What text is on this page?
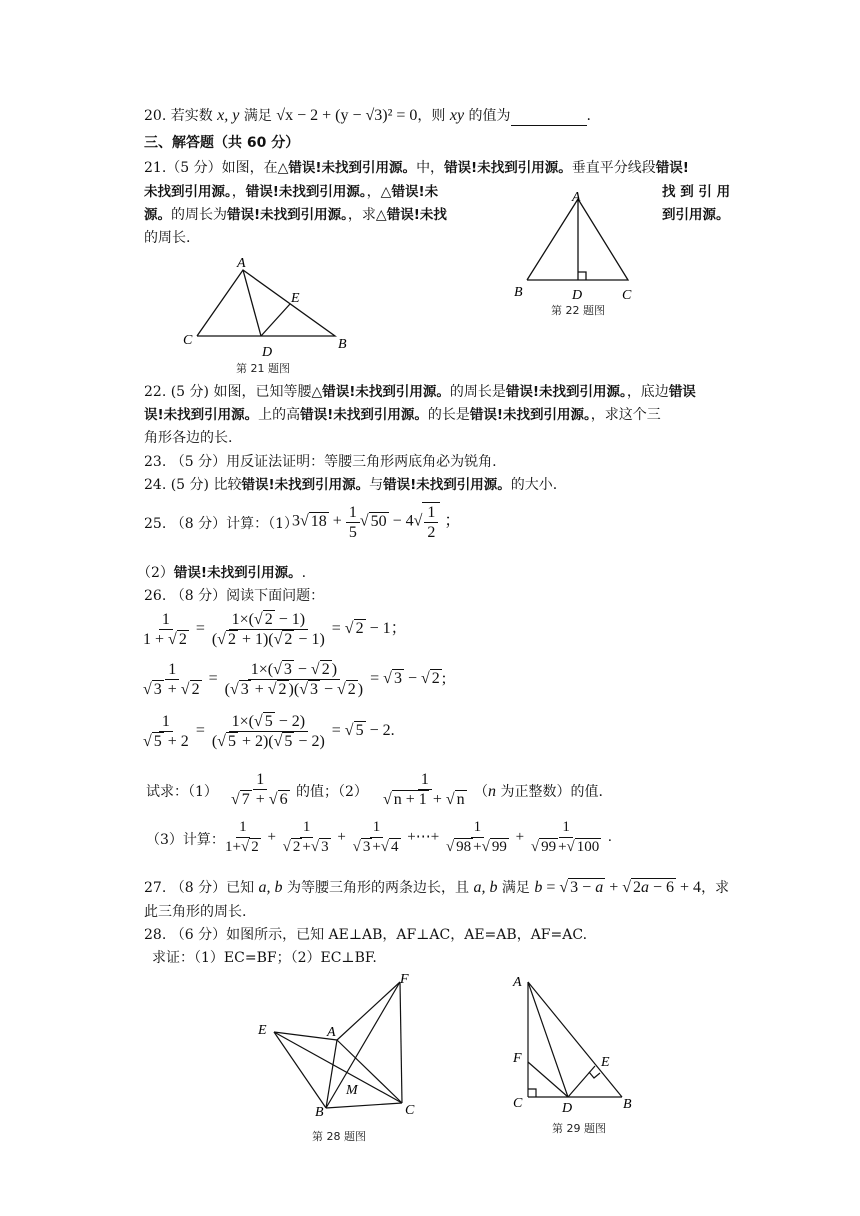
20. 若实数 x, y 满足 √x − 2 + (y − √3)² = 0，则 xy 的值为	.
三、解答题（共 60 分）
21.（5 分）如图，在△错误!未找到引用源。中，错误!未找到引用源。垂直平分线段错误!
未找到引用源。，错误!未找到引用源。，△错误!未	找 到 引 用
源。的周长为错误!未找到引用源。，求△错误!未找	到引用源。
的周长.
A
E
C
D
B
第 21 题图
A
B	D	C
第 22 题图
22. (5 分) 如图，已知等腰△错误!未找到引用源。的周长是错误!未找到引用源。，底边错误
误!未找到引用源。上的高错误!未找到引用源。的长是错误!未找到引用源。，求这个三
角形各边的长.
23. （5 分）用反证法证明：等腰三角形两底角必为锐角.
24. (5 分) 比较错误!未找到引用源。与错误!未找到引用源。的大小.
25. （8 分）计算：（1）
3√ $18 + \frac{1}{5}$ √ $50 - 4√ \frac{1}{2}$ ；
（2）错误!未找到引用源。.
26. （8 分）阅读下面问题：
$\frac{1}{1 + √ 2} = \frac{1\times(√ 2 - 1)}{(√ 2 + 1)(√ 2 - 1)}$ = √ 2 − 1；
$\frac{1}{√ 3 + √ 2} = \frac{1\times(√ 3 - √ 2 )}{(√ 3 + √ 2 )(√ 3 - √ 2 )}$ = √ 3 − √ 2 ;
$\frac{1}{√ 5 + 2} = \frac{1\times(√ 5 - 2)}{(√ 5 + 2)(√ 5 - 2)}$ = √ 5 − 2.
试求：$(1) \frac{1}{√ 7 + √ 6}$ 的值；$(2) \frac{1}{√ n + 1 + √ n} (n$ 为正整数）的值.
（3）计算：
$\frac{1}{1+√ 2} + \frac{1}{√ 2 +√ 3} + \frac{1}{√ 3 +√ 4}$ +⋯+ $\frac{1}{√ 98 +√ 99} + \frac{1}{√ 99 +√ 100}$ .
27. （8 分）已知 a, b 为等腰三角形的两条边长，且 a, b 满足 b = √ 3 − a + √ 2a − 6 + 4，求
此三角形的周长.
28. （6 分）如图所示，已知 AE⊥AB，AF⊥AC，AE=AB，AF=AC.
求证：（1）EC=BF；（2）EC⊥BF.
F
E	A
M
B	C
第 28 题图
A
F	E
C	D	B
第 29 题图
